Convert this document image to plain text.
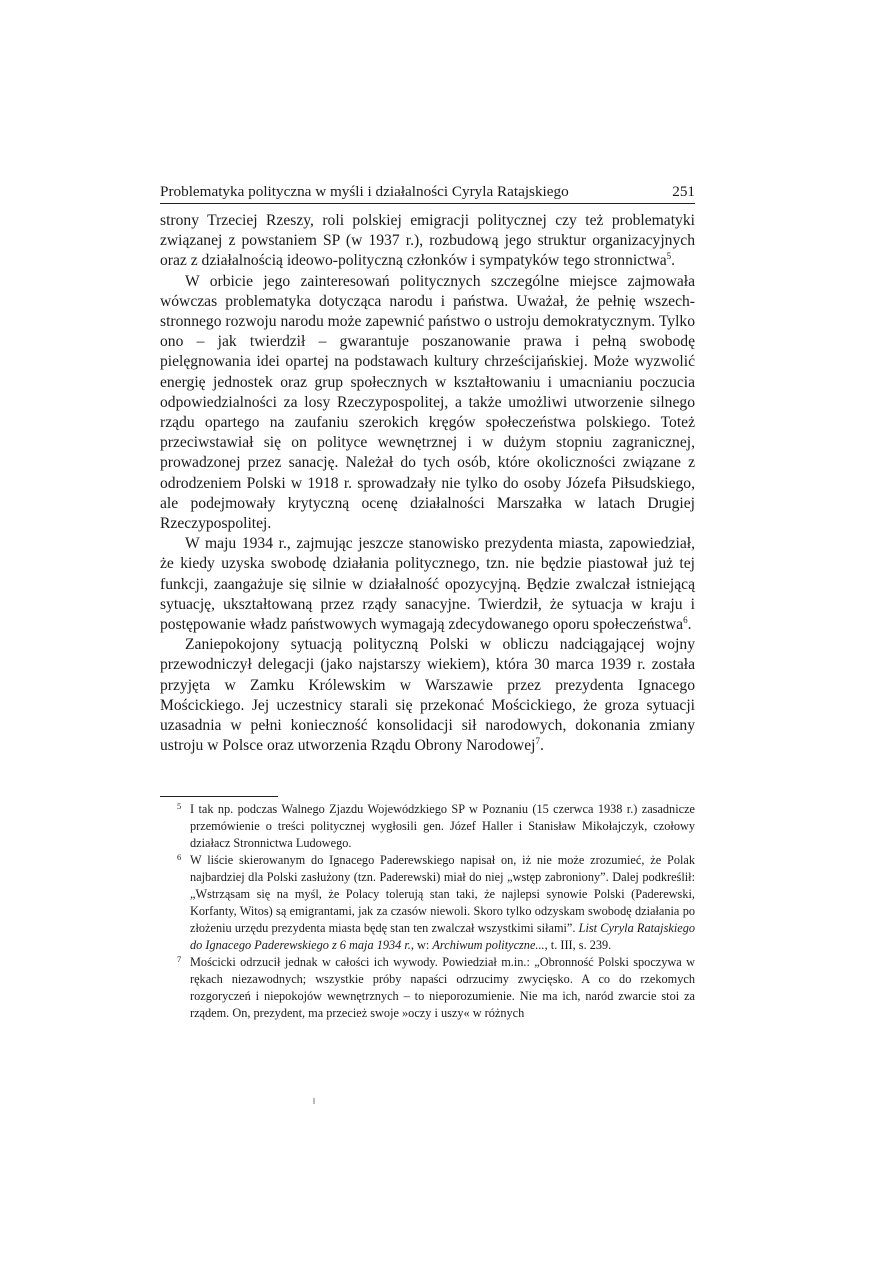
Problematyka polityczna w myśli i działalności Cyryla Ratajskiego	251

strony Trzeciej Rzeszy, roli polskiej emigracji politycznej czy też problematyki związanej z powstaniem SP (w 1937 r.), rozbudową jego struktur organizacyjnych oraz z działalnością ideowo-polityczną członków i sympatyków tego stronnictwa$^5$.

W orbicie jego zainteresowań politycznych szczególne miejsce zajmowała wówczas problematyka dotycząca narodu i państwa. Uważał, że pełnię wszechstronnego rozwoju narodu może zapewnić państwo o ustroju demokratycznym. Tylko ono – jak twierdził – gwarantuje poszanowanie prawa i pełną swobodę pielęgnowania idei opartej na podstawach kultury chrześcijańskiej. Może wyzwolić energię jednostek oraz grup społecznych w kształtowaniu i umacnianiu poczucia odpowiedzialności za losy Rzeczypospolitej, a także umożliwi utworzenie silnego rządu opartego na zaufaniu szerokich kręgów społeczeństwa polskiego. Toteż przeciwstawiał się on polityce wewnętrznej i w dużym stopniu zagranicznej, prowadzonej przez sanację. Należał do tych osób, które okoliczności związane z odrodzeniem Polski w 1918 r. sprowadzały nie tylko do osoby Józefa Piłsudskiego, ale podejmowały krytyczną ocenę działalności Marszałka w latach Drugiej Rzeczypospolitej.

W maju 1934 r., zajmując jeszcze stanowisko prezydenta miasta, zapowiedział, że kiedy uzyska swobodę działania politycznego, tzn. nie będzie piastował już tej funkcji, zaangażuje się silnie w działalność opozycyjną. Będzie zwalczał istniejącą sytuację, ukształtowaną przez rządy sanacyjne. Twierdził, że sytuacja w kraju i postępowanie władz państwowych wymagają zdecydowanego oporu społeczeństwa$^6$.

Zaniepokojony sytuacją polityczną Polski w obliczu nadciągającej wojny przewodniczył delegacji (jako najstarszy wiekiem), która 30 marca 1939 r. została przyjęta w Zamku Królewskim w Warszawie przez prezydenta Ignacego Mościckiego. Jej uczestnicy starali się przekonać Mościckiego, że groza sytuacji uzasadnia w pełni konieczność konsolidacji sił narodowych, dokonania zmiany ustroju w Polsce oraz utworzenia Rządu Obrony Narodowej$^7$.

5 I tak np. podczas Walnego Zjazdu Wojewódzkiego SP w Poznaniu (15 czerwca 1938 r.) zasadnicze przemówienie o treści politycznej wygłosili gen. Józef Haller i Stanisław Mikołajczyk, czołowy działacz Stronnictwa Ludowego.

6 W liście skierowanym do Ignacego Paderewskiego napisał on, iż nie może zrozumieć, że Polak najbardziej dla Polski zasłużony (tzn. Paderewski) miał do niej „wstęp zabroniony”. Dalej podkreślił: „Wstrząsam się na myśl, że Polacy tolerują stan taki, że najlepsi synowie Polski (Paderewski, Korfanty, Witos) są emigrantami, jak za czasów niewoli. Skoro tylko odzyskam swobodę działania po złożeniu urzędu prezydenta miasta będę stan ten zwalczał wszystkimi siłami”. List Cyryla Ratajskiego do Ignacego Paderewskiego z 6 maja 1934 r., w: Archiwum polityczne..., t. III, s. 239.

7 Mościcki odrzucił jednak w całości ich wywody. Powiedział m.in.: „Obronność Polski spoczywa w rękach niezawodnych; wszystkie próby napaści odrzucimy zwycięsko. A co do rzekomych rozgoryczeń i niepokojów wewnętrznych – to nieporozumienie. Nie ma ich, naród zwarcie stoi za rządem. On, prezydent, ma przecież swoje »oczy i uszy« w różnych
